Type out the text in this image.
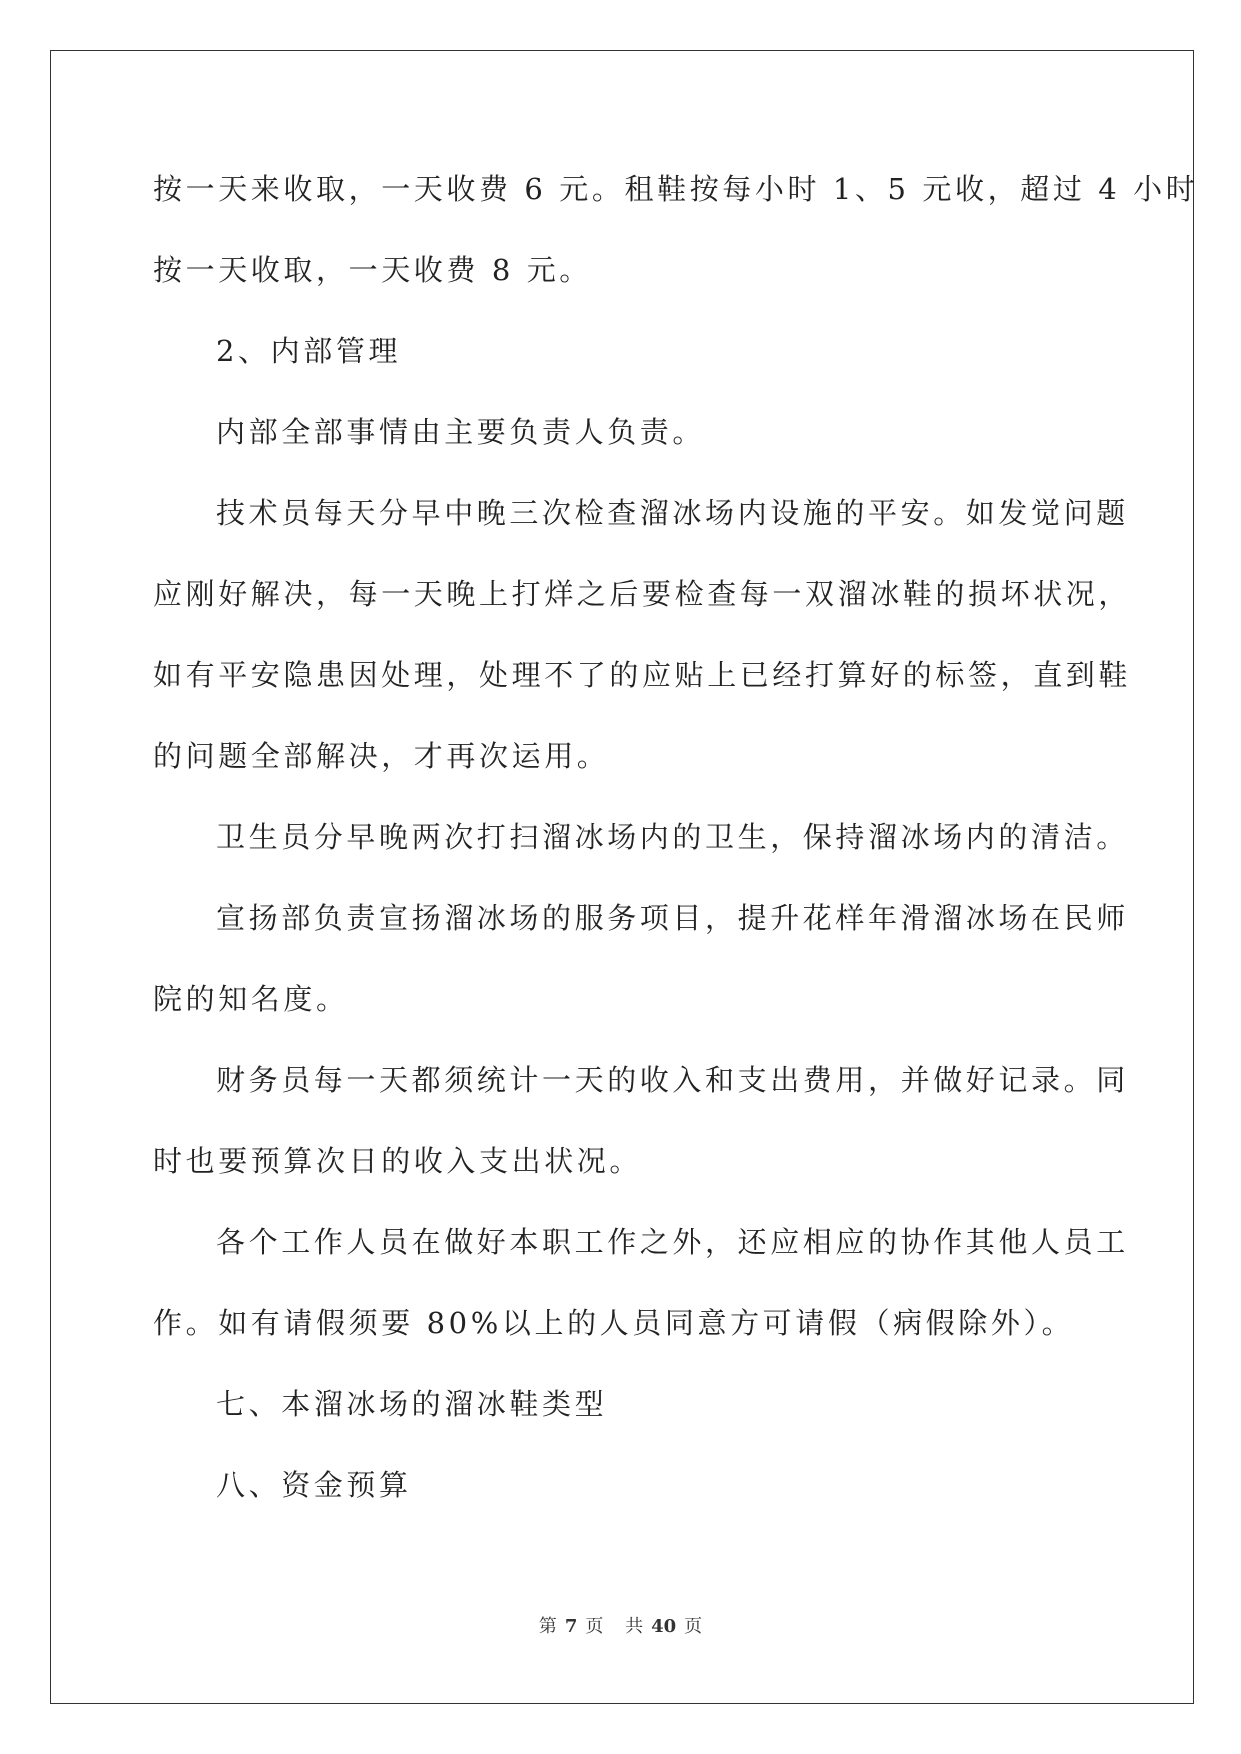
按一天来收取，一天收费 6 元。租鞋按每小时 1、5 元收，超过 4 小时
按一天收取，一天收费 8 元。
2、内部管理
内部全部事情由主要负责人负责。
技术员每天分早中晚三次检查溜冰场内设施的平安。如发觉问题
应刚好解决，每一天晚上打烊之后要检查每一双溜冰鞋的损坏状况，
如有平安隐患因处理，处理不了的应贴上已经打算好的标签，直到鞋
的问题全部解决，才再次运用。
卫生员分早晚两次打扫溜冰场内的卫生，保持溜冰场内的清洁。
宣扬部负责宣扬溜冰场的服务项目，提升花样年滑溜冰场在民师
院的知名度。
财务员每一天都须统计一天的收入和支出费用，并做好记录。同
时也要预算次日的收入支出状况。
各个工作人员在做好本职工作之外，还应相应的协作其他人员工
作。如有请假须要 80%以上的人员同意方可请假（病假除外）。
七、本溜冰场的溜冰鞋类型
八、资金预算
第 7 页 共 40 页
